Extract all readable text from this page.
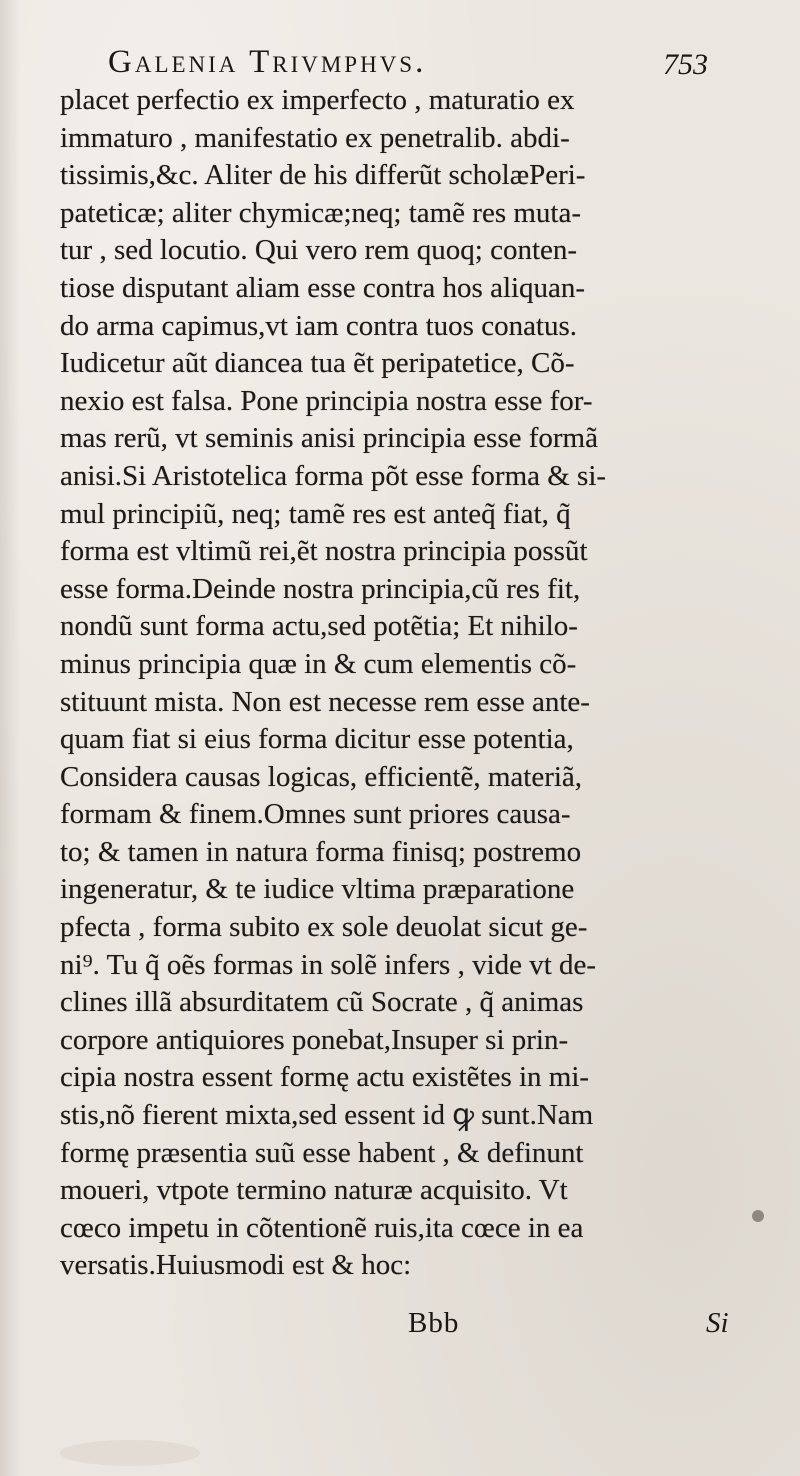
Galenia Trivmphvs.	753
placet perfectio ex imperfecto , maturatio ex
immaturo , manifestatio ex penetralib. abdi-
tissimis,&c. Aliter de his differũt scholæPeri-
pateticæ; aliter chymicæ;neq; tamẽ res muta-
tur , sed locutio. Qui vero rem quoq; conten-
tiose disputant aliam esse contra hos aliquan-
do arma capimus,vt iam contra tuos conatus.
Iudicetur aũt diancea tua ẽt peripatetice, Cõ-
nexio est falsa. Pone principia nostra esse for-
mas rerũ, vt seminis anisi principia esse formã
anisi.Si Aristotelica forma põt esse forma & si-
mul principiũ, neq; tamẽ res est anteq̃ fiat, q̃
forma est vltimũ rei,ẽt nostra principia possũt
esse forma.Deinde nostra principia,cũ res fit,
nondũ sunt forma actu,sed potẽtia; Et nihilo-
minus principia quæ in & cum elementis cõ-
stituunt mista. Non est necesse rem esse ante-
quam fiat si eius forma dicitur esse potentia,
Considera causas logicas, efficientẽ, materiã,
formam & finem.Omnes sunt priores causa-
to; & tamen in natura forma finisq; postremo
ingeneratur, & te iudice vltima præparatione
pfecta , forma subito ex sole deuolat sicut ge-
ni⁹. Tu q̃ oẽs formas in solẽ infers , vide vt de-
clines illã absurditatem cũ Socrate , q̃ animas
corpore antiquiores ponebat,Insuper si prin-
cipia nostra essent formę actu existẽtes in mi-
stis,nõ fierent mixta,sed essent id ꝙ sunt.Nam
formę præsentia suũ esse habent , & definunt
moueri, vtpote termino naturæ acquisito. Vt
cœco impetu in cõtentionẽ ruis,ita cœce in ea
versatis.Huiusmodi est & hoc:
Bbb	Si
